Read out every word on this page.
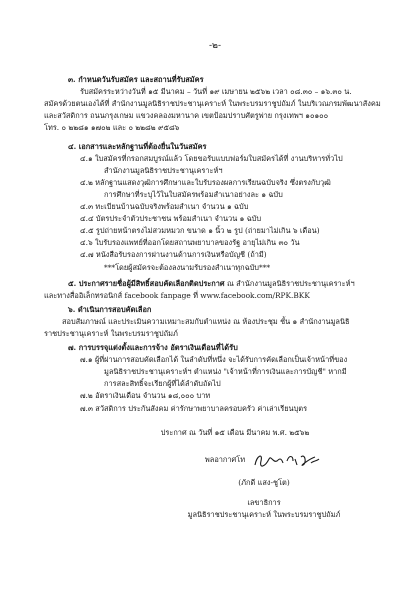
-๒-
๓. กำหนดวันรับสมัคร และสถานที่รับสมัคร
รับสมัครระหว่างวันที่ ๑๕ มีนาคม – วันที่ ๑๙ เมษายน ๒๕๖๒ เวลา ๐๘.๓๐ – ๑๖.๓๐ น.
สมัครด้วยตนเองได้ที่ สำนักงานมูลนิธิราชประชานุเคราะห์ ในพระบรมราชูปถัมภ์ ในบริเวณกรมพัฒนาสังคม
และสวัสดิการ ถนนกรุงเกษม แขวงคลองมหานาค เขตป้อมปราบศัตรูพ่าย กรุงเทพฯ ๑๐๑๐๐
โทร. ๐ ๒๒๘๑ ๑๗๐๒ และ ๐ ๒๒๘๒ ๙๕๘๖
๔. เอกสารและหลักฐานที่ต้องยื่นในวันสมัคร
๔.๑ ใบสมัครที่กรอกสมบูรณ์แล้ว โดยขอรับแบบฟอร์มใบสมัครได้ที่ งานบริหารทั่วไป
สำนักงานมูลนิธิราชประชานุเคราะห์ฯ
๔.๒ หลักฐานแสดงวุฒิการศึกษาและใบรับรองผลการเรียนฉบับจริง ซึ่งตรงกับวุฒิ
การศึกษาที่ระบุไว้ในใบสมัครพร้อมสำเนาอย่างละ ๑ ฉบับ
๔.๓ ทะเบียนบ้านฉบับจริงพร้อมสำเนา จำนวน ๑ ฉบับ
๔.๔ บัตรประจำตัวประชาชน พร้อมสำเนา จำนวน ๑ ฉบับ
๔.๕ รูปถ่ายหน้าตรงไม่สวมหมวก ขนาด ๑ นิ้ว ๒ รูป (ถ่ายมาไม่เกิน ๖ เดือน)
๔.๖ ใบรับรองแพทย์ที่ออกโดยสถานพยาบาลของรัฐ อายุไม่เกิน ๓๐ วัน
๔.๗ หนังสือรับรองการผ่านงานด้านการเงินหรือบัญชี (ถ้ามี)
***โดยผู้สมัครจะต้องลงนามรับรองสำเนาทุกฉบับ***
๕. ประกาศรายชื่อผู้มีสิทธิ์สอบคัดเลือกติดประกาศ ณ สำนักงานมูลนิธิราชประชานุเคราะห์ฯ
และทางสื่ออิเล็กทรอนิกส์ facebook fanpage ที่ www.facebook.com/RPK.BKK
๖. ดำเนินการสอบคัดเลือก
สอบสัมภาษณ์ และประเมินความเหมาะสมกับตำแหน่ง ณ ห้องประชุม ชั้น ๑ สำนักงานมูลนิธิ
ราชประชานุเคราะห์ ในพระบรมราชูปถัมภ์
๗. การบรรจุแต่งตั้งและการจ้าง อัตราเงินเดือนที่ได้รับ
๗.๑ ผู้ที่ผ่านการสอบคัดเลือกได้ ในลำดับที่หนึ่ง จะได้รับการคัดเลือกเป็นเจ้าหน้าที่ของ
มูลนิธิราชประชานุเคราะห์ฯ ตำแหน่ง "เจ้าหน้าที่การเงินและการบัญชี" หากมี
การสละสิทธิ์จะเรียกผู้ที่ได้ลำดับถัดไป
๗.๒ อัตราเงินเดือน จำนวน ๑๘,๐๐๐ บาท
๗.๓ สวัสดิการ ประกันสังคม ค่ารักษาพยาบาลครอบครัว ค่าเล่าเรียนบุตร
ประกาศ ณ วันที่ ๑๕ เดือน มีนาคม พ.ศ. ๒๕๖๒
พลอากาศโท
(ภักดี แสง-ชูโต)
เลขาธิการ
มูลนิธิราชประชานุเคราะห์ ในพระบรมราชูปถัมภ์
